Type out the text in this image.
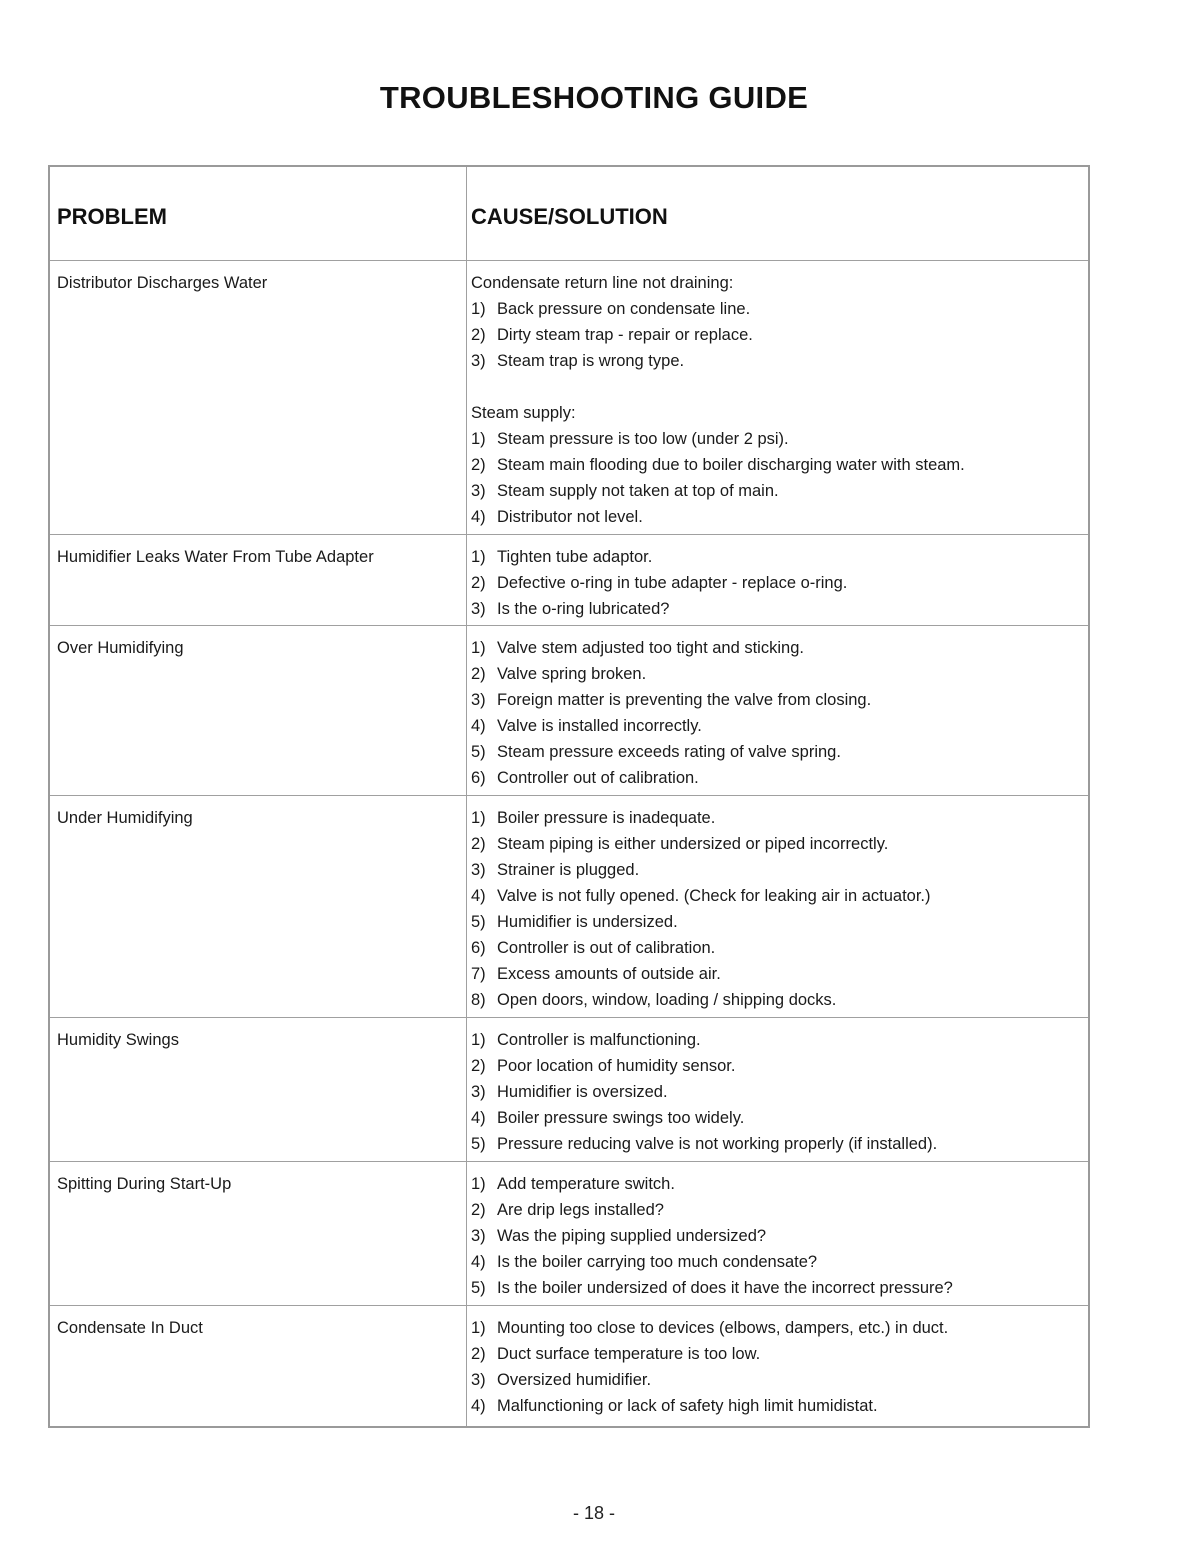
TROUBLESHOOTING GUIDE
PROBLEM	CAUSE/SOLUTION
Distributor Discharges Water	Condensate return line not draining:
1) Back pressure on condensate line.
2) Dirty steam trap - repair or replace.
3) Steam trap is wrong type.
Steam supply:
1) Steam pressure is too low (under 2 psi).
2) Steam main flooding due to boiler discharging water with steam.
3) Steam supply not taken at top of main.
4) Distributor not level.
Humidifier Leaks Water From Tube Adapter	1) Tighten tube adaptor.
2) Defective o-ring in tube adapter - replace o-ring.
3) Is the o-ring lubricated?
Over Humidifying	1) Valve stem adjusted too tight and sticking.
2) Valve spring broken.
3) Foreign matter is preventing the valve from closing.
4) Valve is installed incorrectly.
5) Steam pressure exceeds rating of valve spring.
6) Controller out of calibration.
Under Humidifying	1) Boiler pressure is inadequate.
2) Steam piping is either undersized or piped incorrectly.
3) Strainer is plugged.
4) Valve is not fully opened. (Check for leaking air in actuator.)
5) Humidifier is undersized.
6) Controller is out of calibration.
7) Excess amounts of outside air.
8) Open doors, window, loading / shipping docks.
Humidity Swings	1) Controller is malfunctioning.
2) Poor location of humidity sensor.
3) Humidifier is oversized.
4) Boiler pressure swings too widely.
5) Pressure reducing valve is not working properly (if installed).
Spitting During Start-Up	1) Add temperature switch.
2) Are drip legs installed?
3) Was the piping supplied undersized?
4) Is the boiler carrying too much condensate?
5) Is the boiler undersized of does it have the incorrect pressure?
Condensate In Duct	1) Mounting too close to devices (elbows, dampers, etc.) in duct.
2) Duct surface temperature is too low.
3) Oversized humidifier.
4) Malfunctioning or lack of safety high limit humidistat.
- 18 -
